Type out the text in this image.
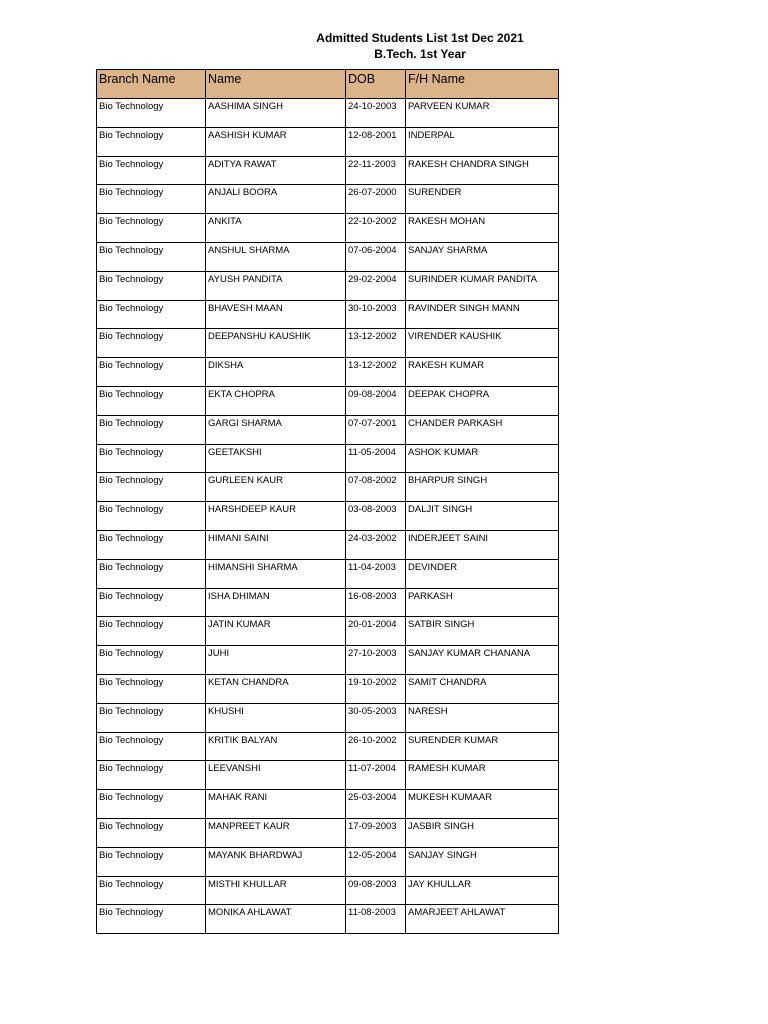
Admitted Students List 1st Dec 2021
B.Tech. 1st Year
Branch Name	Name	DOB	F/H Name
Bio Technology	AASHIMA SINGH	24-10-2003	PARVEEN KUMAR
Bio Technology	AASHISH KUMAR	12-08-2001	INDERPAL
Bio Technology	ADITYA RAWAT	22-11-2003	RAKESH CHANDRA SINGH
Bio Technology	ANJALI BOORA	26-07-2000	SURENDER
Bio Technology	ANKITA	22-10-2002	RAKESH MOHAN
Bio Technology	ANSHUL SHARMA	07-06-2004	SANJAY SHARMA
Bio Technology	AYUSH PANDITA	29-02-2004	SURINDER KUMAR PANDITA
Bio Technology	BHAVESH MAAN	30-10-2003	RAVINDER SINGH MANN
Bio Technology	DEEPANSHU KAUSHIK	13-12-2002	VIRENDER KAUSHIK
Bio Technology	DIKSHA	13-12-2002	RAKESH KUMAR
Bio Technology	EKTA CHOPRA	09-08-2004	DEEPAK CHOPRA
Bio Technology	GARGI SHARMA	07-07-2001	CHANDER PARKASH
Bio Technology	GEETAKSHI	11-05-2004	ASHOK KUMAR
Bio Technology	GURLEEN KAUR	07-08-2002	BHARPUR SINGH
Bio Technology	HARSHDEEP KAUR	03-08-2003	DALJIT SINGH
Bio Technology	HIMANI SAINI	24-03-2002	INDERJEET SAINI
Bio Technology	HIMANSHI SHARMA	11-04-2003	DEVINDER
Bio Technology	ISHA DHIMAN	16-08-2003	PARKASH
Bio Technology	JATIN KUMAR	20-01-2004	SATBIR SINGH
Bio Technology	JUHI	27-10-2003	SANJAY KUMAR CHANANA
Bio Technology	KETAN CHANDRA	19-10-2002	SAMIT CHANDRA
Bio Technology	KHUSHI	30-05-2003	NARESH
Bio Technology	KRITIK BALYAN	26-10-2002	SURENDER KUMAR
Bio Technology	LEEVANSHI	11-07-2004	RAMESH KUMAR
Bio Technology	MAHAK RANI	25-03-2004	MUKESH KUMAAR
Bio Technology	MANPREET KAUR	17-09-2003	JASBIR SINGH
Bio Technology	MAYANK BHARDWAJ	12-05-2004	SANJAY SINGH
Bio Technology	MISTHI KHULLAR	09-08-2003	JAY KHULLAR
Bio Technology	MONIKA AHLAWAT	11-08-2003	AMARJEET AHLAWAT
